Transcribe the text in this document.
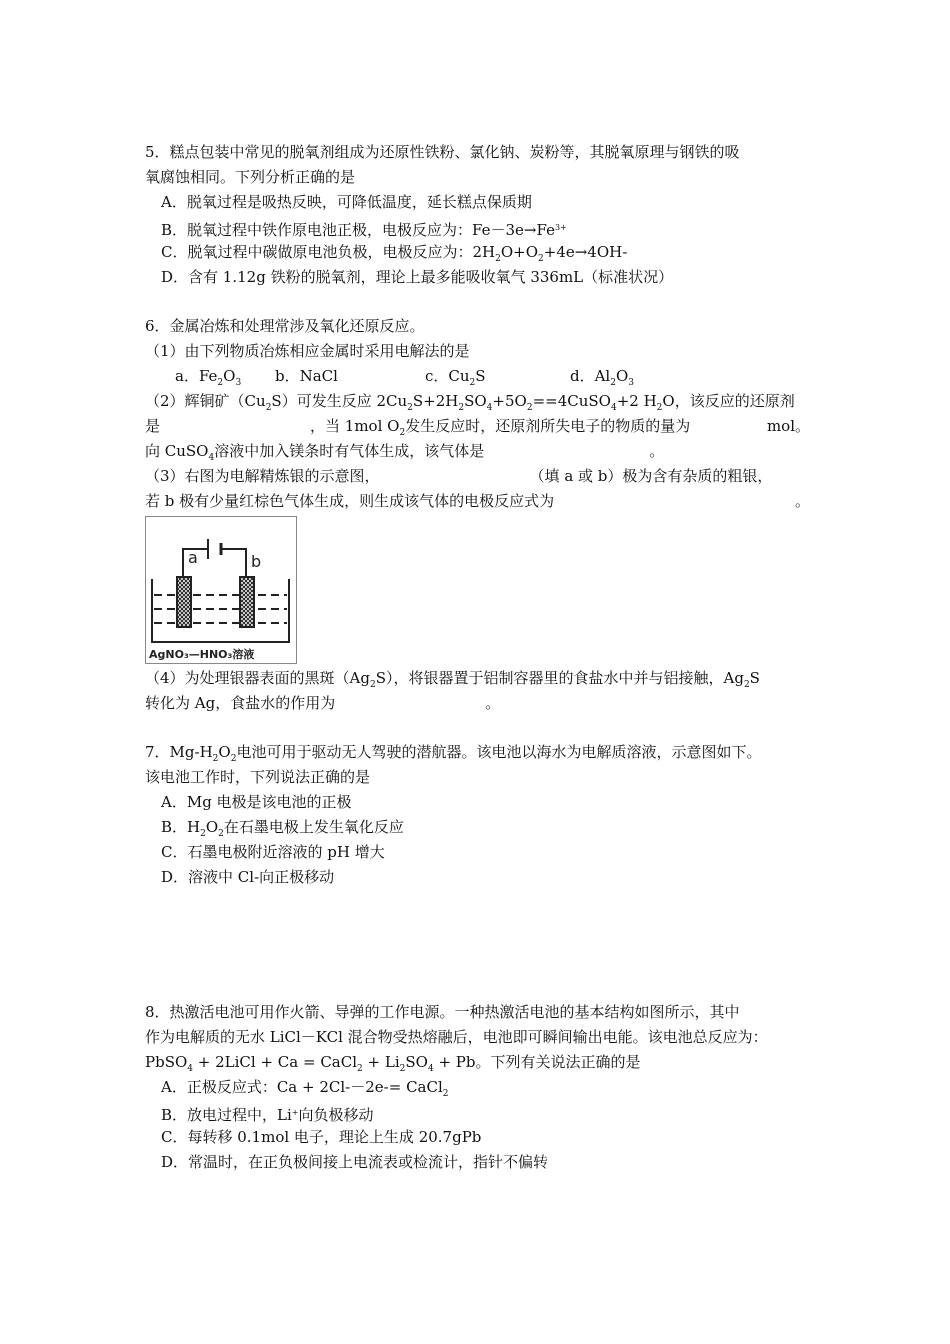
5．糕点包装中常见的脱氧剂组成为还原性铁粉、氯化钠、炭粉等，其脱氧原理与钢铁的吸
氧腐蚀相同。下列分析正确的是
A．脱氧过程是吸热反映，可降低温度，延长糕点保质期
B．脱氧过程中铁作原电池正极，电极反应为：$Fe-3e\to Fe^{3+}$
C．脱氧过程中碳做原电池负极，电极反应为：$2H_2O+O_2+4e\to 4OH-$
D．含有 1.12g 铁粉的脱氧剂，理论上最多能吸收氧气 336mL（标准状况）
6．金属冶炼和处理常涉及氧化还原反应。
（1）由下列物质冶炼相应金属时采用电解法的是
a．$Fe_2O_3$ b．NaCl	c．$Cu_2S$	d．$Al_2O_3$
（2）辉铜矿$(Cu_2S)$可发生反应 $2Cu_2S+2H_2SO_4+5O_2==4CuSO_4+2$ $H_2O$，该反应的还原剂
是	，当 1mol $O_2$发生反应时，还原剂所失电子的物质的量为	mol。
向 CuSO$_4$溶液中加入镁条时有气体生成，该气体是	。
（3）右图为电解精炼银的示意图，	（填 a 或 b）极为含有杂质的粗银，
若 b 极有少量红棕色气体生成，则生成该气体的电极反应式为	。
a	b
AgNO₃—HNO₃溶液
（4）为处理银器表面的黑斑$(Ag_2S)$，将银器置于铝制容器里的食盐水中并与铝接触，$Ag_2S$
转化为 Ag，食盐水的作用为	。
7．$Mg-H_2O_2$电池可用于驱动无人驾驶的潜航器。该电池以海水为电解质溶液，示意图如下。
该电池工作时，下列说法正确的是
A．Mg 电极是该电池的正极
B．$H_2O_2$在石墨电极上发生氧化反应
C．石墨电极附近溶液的 pH 增大
D．溶液中 Cl-向正极移动
8．热激活电池可用作火箭、导弹的工作电源。一种热激活电池的基本结构如图所示，其中
作为电解质的无水 LiCl－KCl 混合物受热熔融后，电池即可瞬间输出电能。该电池总反应为：
PbSO$_4$ + 2LiCl + Ca = CaCl$_2$ + $Li_2SO_4 + Pb$。下列有关说法正确的是
A．正极反应式：Ca + 2Cl-－2e-= CaCl$_2$
B．放电过程中，Li+向负极移动
C．每转移 0.1mol 电子，理论上生成 20.7gPb
D．常温时，在正负极间接上电流表或检流计，指针不偏转
